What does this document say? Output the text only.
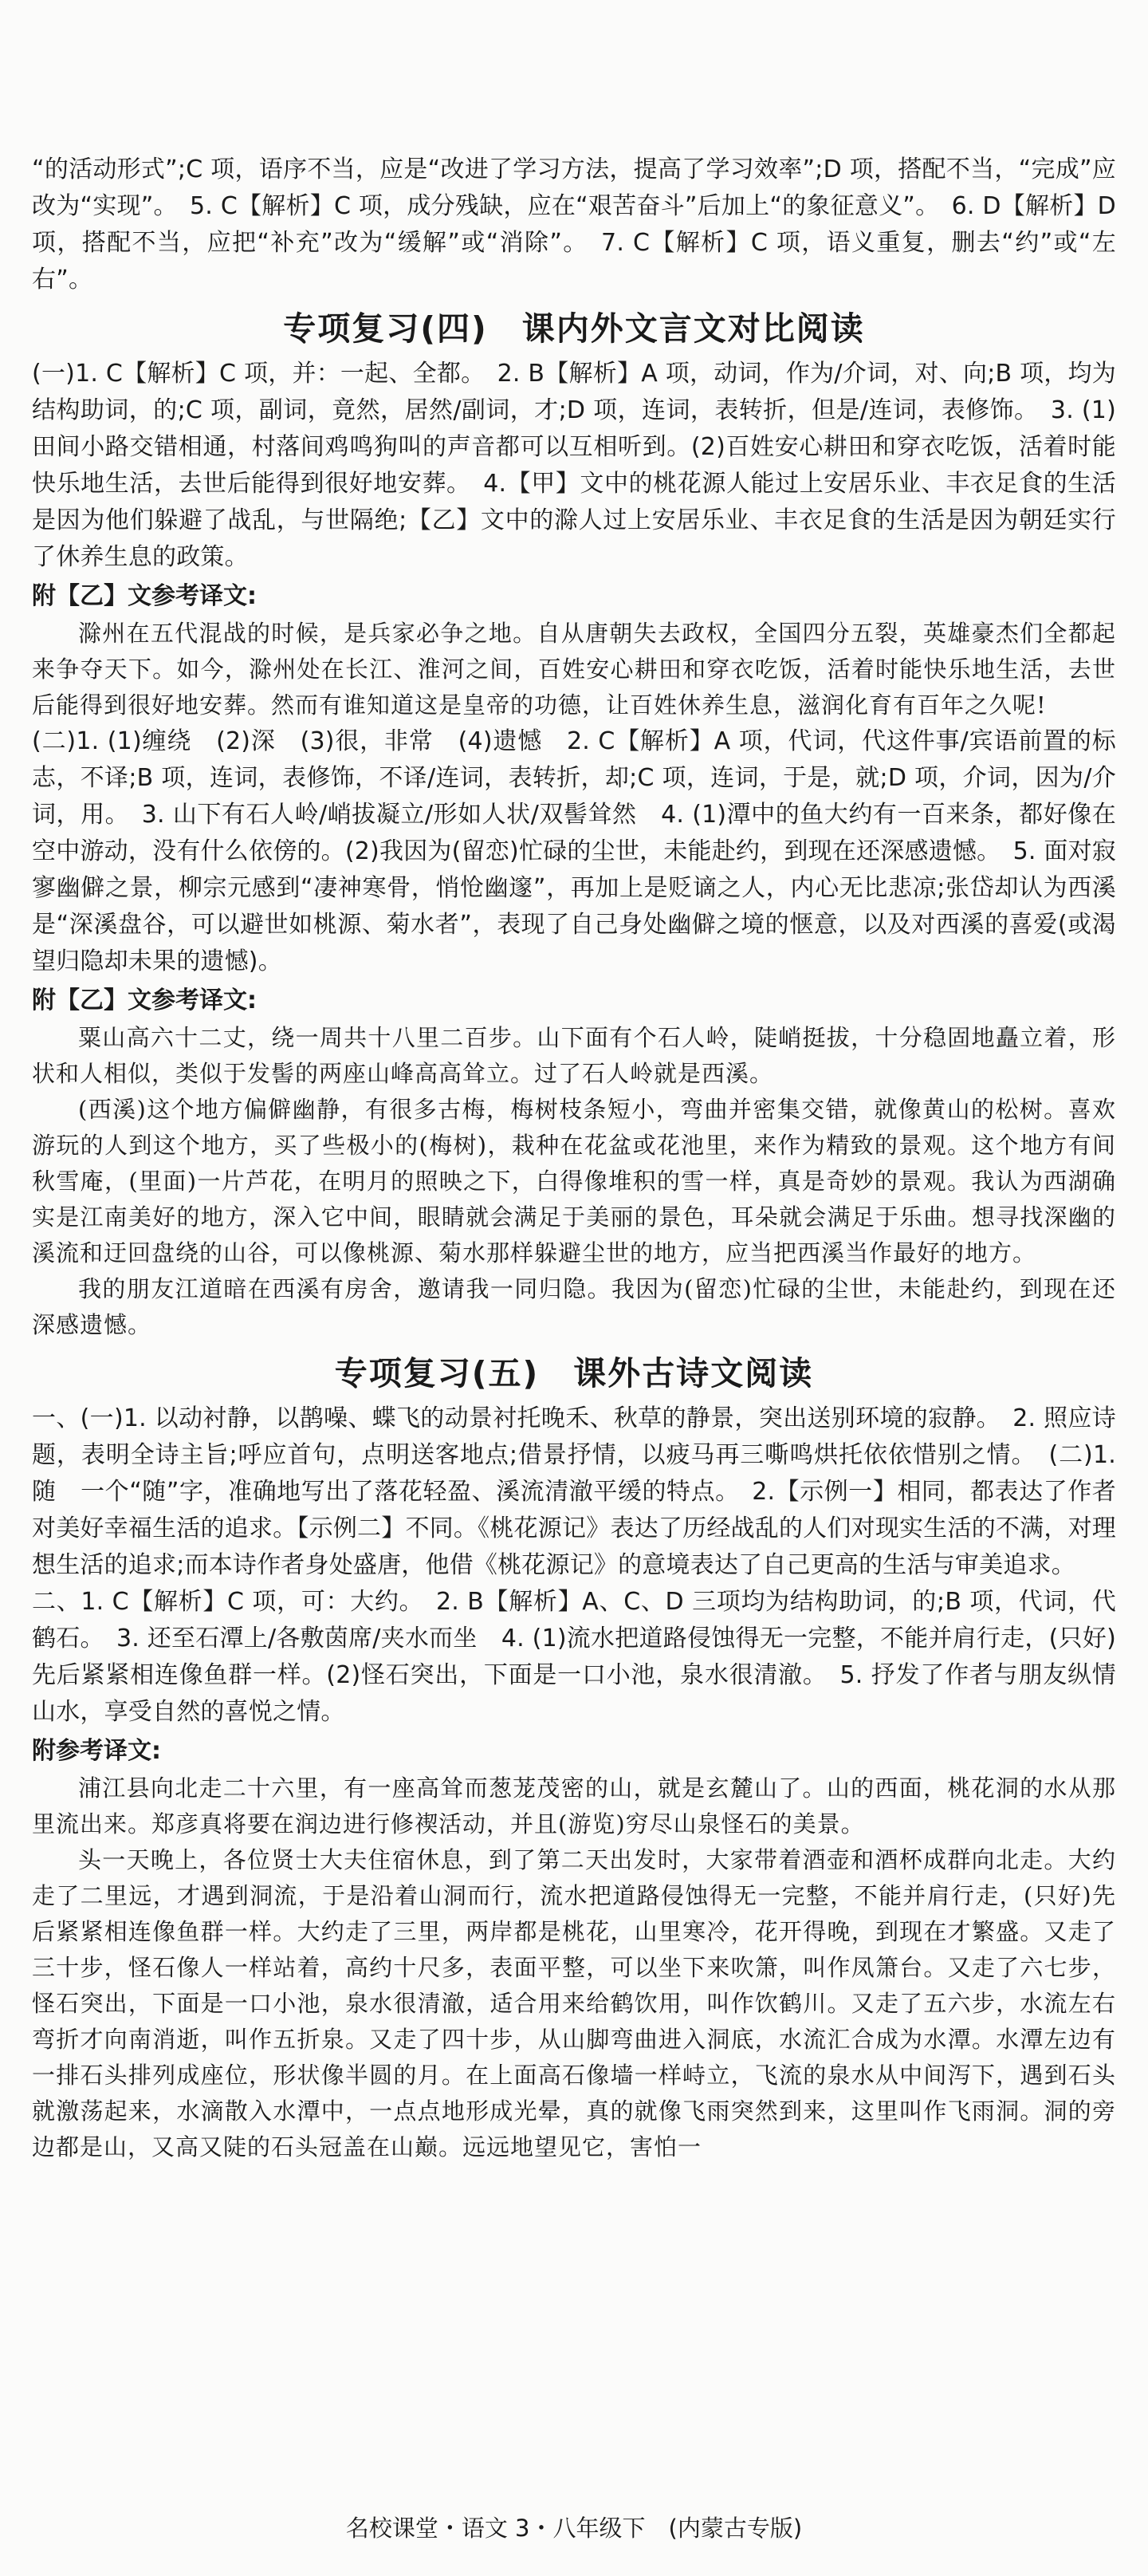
“的活动形式”;C 项，语序不当，应是“改进了学习方法，提高了学习效率”;D 项，搭配不当，“完成”应改为“实现”。　5. C【解析】C 项，成分残缺，应在“艰苦奋斗”后加上“的象征意义”。　6. D【解析】D 项，搭配不当，应把“补充”改为“缓解”或“消除”。　7. C【解析】C 项，语义重复，删去“约”或“左右”。

专项复习(四)　课内外文言文对比阅读

(一)1. C【解析】C 项，并：一起、全都。　2. B【解析】A 项，动词，作为/介词，对、向;B 项，均为结构助词，的;C 项，副词，竟然，居然/副词，才;D 项，连词，表转折，但是/连词，表修饰。　3. (1)田间小路交错相通，村落间鸡鸣狗叫的声音都可以互相听到。(2)百姓安心耕田和穿衣吃饭，活着时能快乐地生活，去世后能得到很好地安葬。　4.【甲】文中的桃花源人能过上安居乐业、丰衣足食的生活是因为他们躲避了战乱，与世隔绝;【乙】文中的滁人过上安居乐业、丰衣足食的生活是因为朝廷实行了休养生息的政策。

附【乙】文参考译文:

滁州在五代混战的时候，是兵家必争之地。自从唐朝失去政权，全国四分五裂，英雄豪杰们全都起来争夺天下。如今，滁州处在长江、淮河之间，百姓安心耕田和穿衣吃饭，活着时能快乐地生活，去世后能得到很好地安葬。然而有谁知道这是皇帝的功德，让百姓休养生息，滋润化育有百年之久呢!

(二)1. (1)缠绕　(2)深　(3)很，非常　(4)遗憾　2. C【解析】A 项，代词，代这件事/宾语前置的标志，不译;B 项，连词，表修饰，不译/连词，表转折，却;C 项，连词，于是，就;D 项，介词，因为/介词，用。　3. 山下有石人岭/峭拔凝立/形如人状/双髻耸然　4. (1)潭中的鱼大约有一百来条，都好像在空中游动，没有什么依傍的。(2)我因为(留恋)忙碌的尘世，未能赴约，到现在还深感遗憾。　5. 面对寂寥幽僻之景，柳宗元感到“凄神寒骨，悄怆幽邃”，再加上是贬谪之人，内心无比悲凉;张岱却认为西溪是“深溪盘谷，可以避世如桃源、菊水者”，表现了自己身处幽僻之境的惬意，以及对西溪的喜爱(或渴望归隐却未果的遗憾)。

附【乙】文参考译文:

粟山高六十二丈，绕一周共十八里二百步。山下面有个石人岭，陡峭挺拔，十分稳固地矗立着，形状和人相似，类似于发髻的两座山峰高高耸立。过了石人岭就是西溪。

(西溪)这个地方偏僻幽静，有很多古梅，梅树枝条短小，弯曲并密集交错，就像黄山的松树。喜欢游玩的人到这个地方，买了些极小的(梅树)，栽种在花盆或花池里，来作为精致的景观。这个地方有间秋雪庵，(里面)一片芦花，在明月的照映之下，白得像堆积的雪一样，真是奇妙的景观。我认为西湖确实是江南美好的地方，深入它中间，眼睛就会满足于美丽的景色，耳朵就会满足于乐曲。想寻找深幽的溪流和迂回盘绕的山谷，可以像桃源、菊水那样躲避尘世的地方，应当把西溪当作最好的地方。

我的朋友江道暗在西溪有房舍，邀请我一同归隐。我因为(留恋)忙碌的尘世，未能赴约，到现在还深感遗憾。

专项复习(五)　课外古诗文阅读

一、(一)1. 以动衬静，以鹊噪、蝶飞的动景衬托晚禾、秋草的静景，突出送别环境的寂静。　2. 照应诗题，表明全诗主旨;呼应首句，点明送客地点;借景抒情，以疲马再三嘶鸣烘托依依惜别之情。　(二)1. 随　一个“随”字，准确地写出了落花轻盈、溪流清澈平缓的特点。　2.【示例一】相同，都表达了作者对美好幸福生活的追求。【示例二】不同。《桃花源记》表达了历经战乱的人们对现实生活的不满，对理想生活的追求;而本诗作者身处盛唐，他借《桃花源记》的意境表达了自己更高的生活与审美追求。

二、1. C【解析】C 项，可：大约。　2. B【解析】A、C、D 三项均为结构助词，的;B 项，代词，代鹤石。　3. 还至石潭上/各敷茵席/夹水而坐　4. (1)流水把道路侵蚀得无一完整，不能并肩行走，(只好)先后紧紧相连像鱼群一样。(2)怪石突出，下面是一口小池，泉水很清澈。　5. 抒发了作者与朋友纵情山水，享受自然的喜悦之情。

附参考译文:

浦江县向北走二十六里，有一座高耸而葱茏茂密的山，就是玄麓山了。山的西面，桃花洞的水从那里流出来。郑彦真将要在润边进行修禊活动，并且(游览)穷尽山泉怪石的美景。

头一天晚上，各位贤士大夫住宿休息，到了第二天出发时，大家带着酒壶和酒杯成群向北走。大约走了二里远，才遇到洞流，于是沿着山洞而行，流水把道路侵蚀得无一完整，不能并肩行走，(只好)先后紧紧相连像鱼群一样。大约走了三里，两岸都是桃花，山里寒冷，花开得晚，到现在才繁盛。又走了三十步，怪石像人一样站着，高约十尺多，表面平整，可以坐下来吹箫，叫作凤箫台。又走了六七步，怪石突出，下面是一口小池，泉水很清澈，适合用来给鹤饮用，叫作饮鹤川。又走了五六步，水流左右弯折才向南消逝，叫作五折泉。又走了四十步，从山脚弯曲进入洞底，水流汇合成为水潭。水潭左边有一排石头排列成座位，形状像半圆的月。在上面高石像墙一样峙立，飞流的泉水从中间泻下，遇到石头就激荡起来，水滴散入水潭中，一点点地形成光晕，真的就像飞雨突然到来，这里叫作飞雨洞。洞的旁边都是山，又高又陡的石头冠盖在山巅。远远地望见它，害怕一

名校课堂・语文 3・八年级下　(内蒙古专版)
